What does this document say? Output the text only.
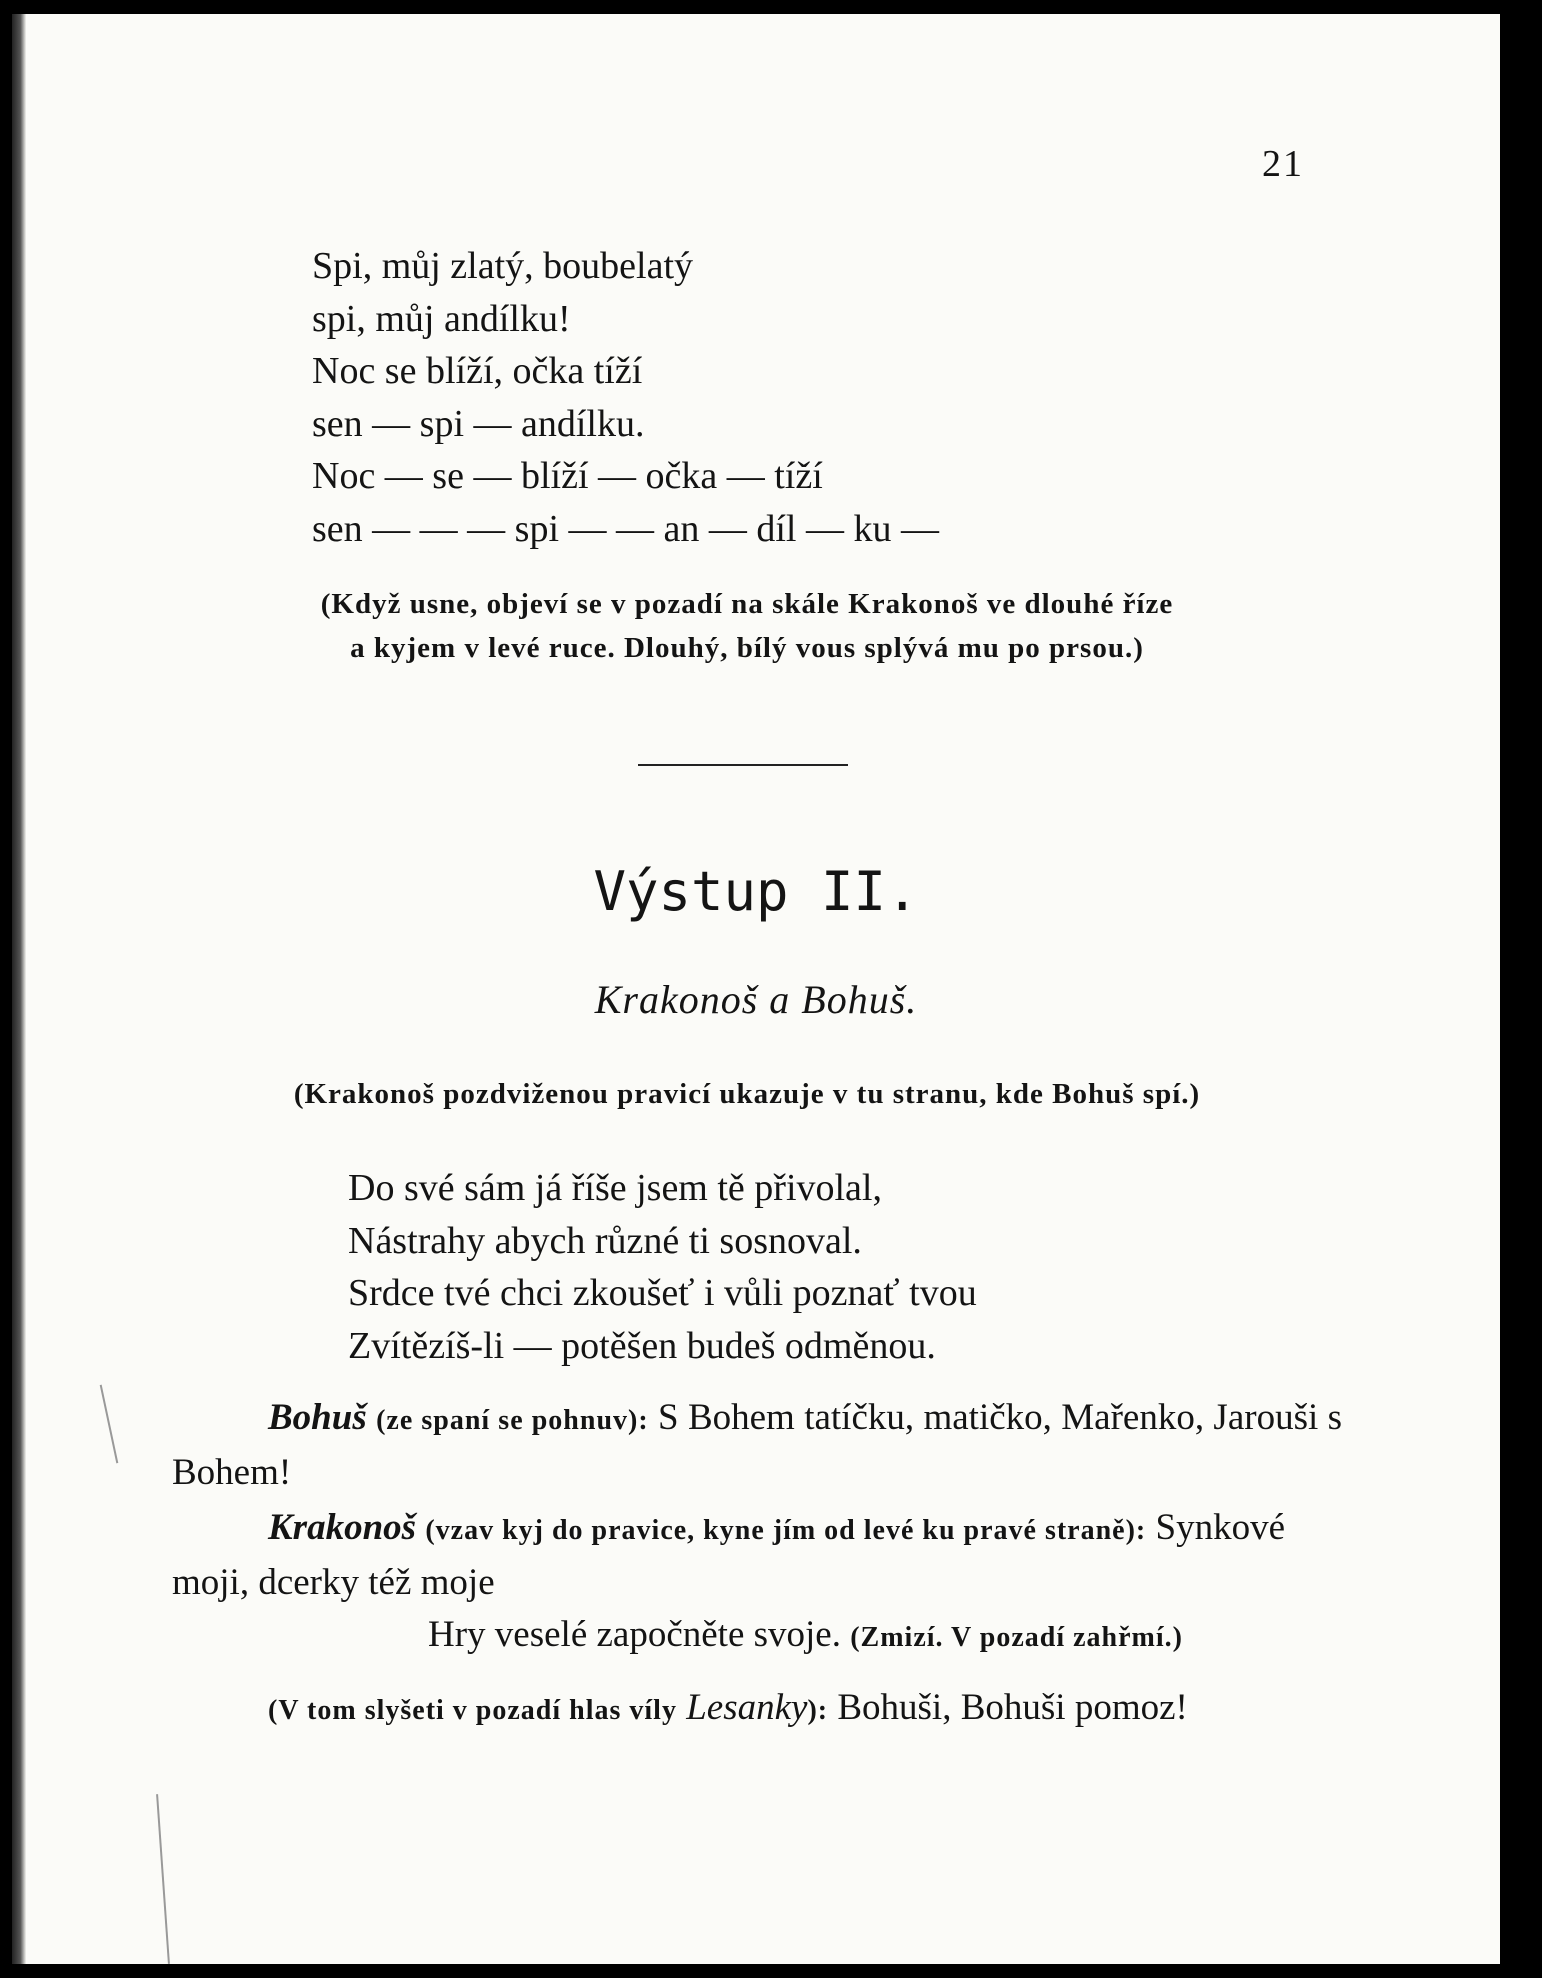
21
Spi, můj zlatý, boubelatý
spi, můj andílku!
Noc se blíží, očka tíží
sen — spi — andílku.
Noc — se — blíží — očka — tíží
sen — — — spi — — an — díl — ku —
(Když usne, objeví se v pozadí na skále Krakonoš ve dlouhé říze
a kyjem v levé ruce. Dlouhý, bílý vous splývá mu po prsou.)
Výstup II.
Krakonoš a Bohuš.
(Krakonoš pozdviženou pravicí ukazuje v tu stranu, kde Bohuš spí.)
Do své sám já říše jsem tě přivolal,
Nástrahy abych různé ti sosnoval.
Srdce tvé chci zkoušeť i vůli poznať tvou
Zvítězíš-li — potěšen budeš odměnou.
Bohuš (ze spaní se pohnuv): S Bohem tatíčku, matičko, Mařenko, Jarouši s Bohem!
Krakonoš (vzav kyj do pravice, kyne jím od levé ku pravé straně): Synkové moji, dcerky též moje
Hry veselé započněte svoje. (Zmizí. V pozadí zahřmí.)
(V tom slyšeti v pozadí hlas víly Lesanky): Bohuši, Bohuši pomoz!
